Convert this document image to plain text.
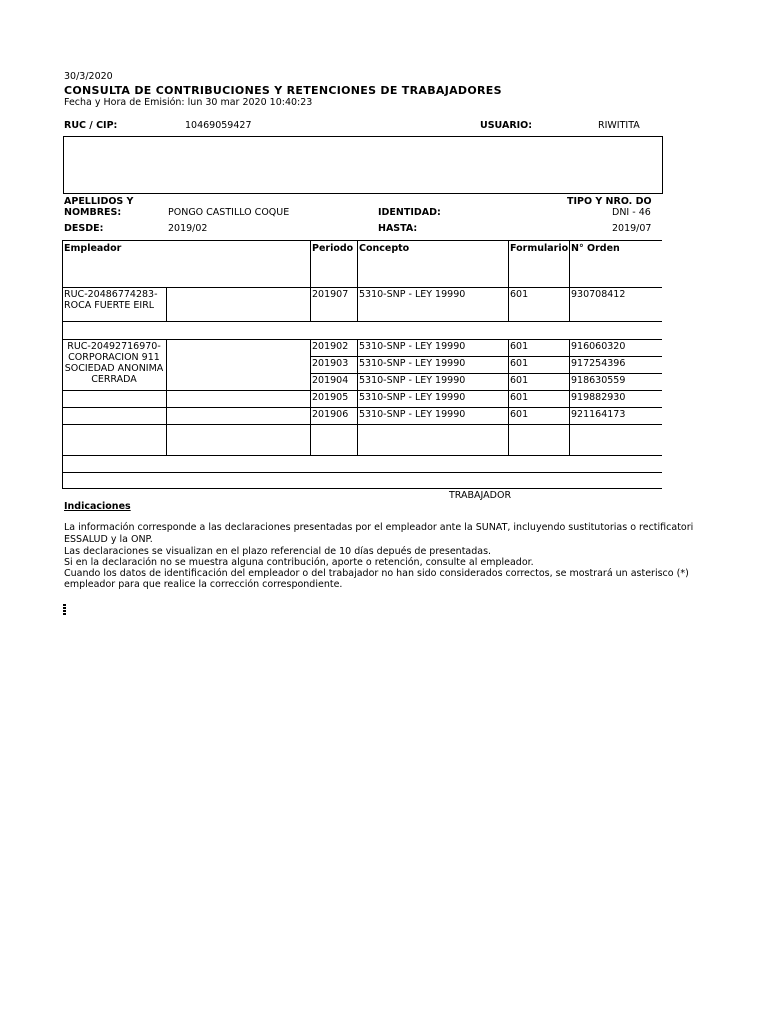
30/3/2020
CONSULTA DE CONTRIBUCIONES Y RETENCIONES DE TRABAJADORES
Fecha y Hora de Emisión: lun 30 mar 2020 10:40:23
RUC / CIP:	10469059427	USUARIO:	RIWITITA
APELLIDOS Y
NOMBRES:	PONGO CASTILLO COQUE	IDENTIDAD:
TIPO Y NRO. DO
DNI - 46
DESDE:	2019/02	HASTA:	2019/07
Empleador	Periodo Concepto	Formulario N° Orden
RUC-20486774283-ROCA FUERTE EIRL
201907 5310-SNP - LEY 19990	601	930708412
RUC-20492716970-CORPORACION 911 SOCIEDAD ANONIMA CERRADA
201902 5310-SNP - LEY 19990	601	916060320
201903 5310-SNP - LEY 19990	601	917254396
201904 5310-SNP - LEY 19990	601	918630559
201905 5310-SNP - LEY 19990	601	919882930
201906 5310-SNP - LEY 19990	601	921164173
TRABAJADOR
Indicaciones
La información corresponde a las declaraciones presentadas por el empleador ante la SUNAT, incluyendo sustitutorias o rectificatori
ESSALUD y la ONP.
Las declaraciones se visualizan en el plazo referencial de 10 días depués de presentadas.
Si en la declaración no se muestra alguna contribución, aporte o retención, consulte al empleador.
Cuando los datos de identificación del empleador o del trabajador no han sido considerados correctos, se mostrará un asterisco (*)
empleador para que realice la corrección correspondiente.
